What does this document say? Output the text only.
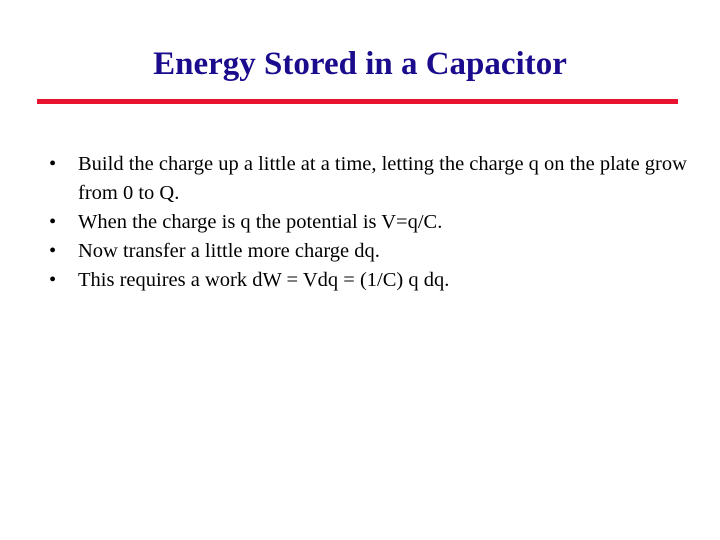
Energy Stored in a Capacitor
•	Build the charge up a little at a time, letting the charge q on the plate grow from 0 to Q.
•	When the charge is q the potential is V=q/C.
•	Now transfer a little more charge dq.
•	This requires a work dW = Vdq = (1/C) q dq.
